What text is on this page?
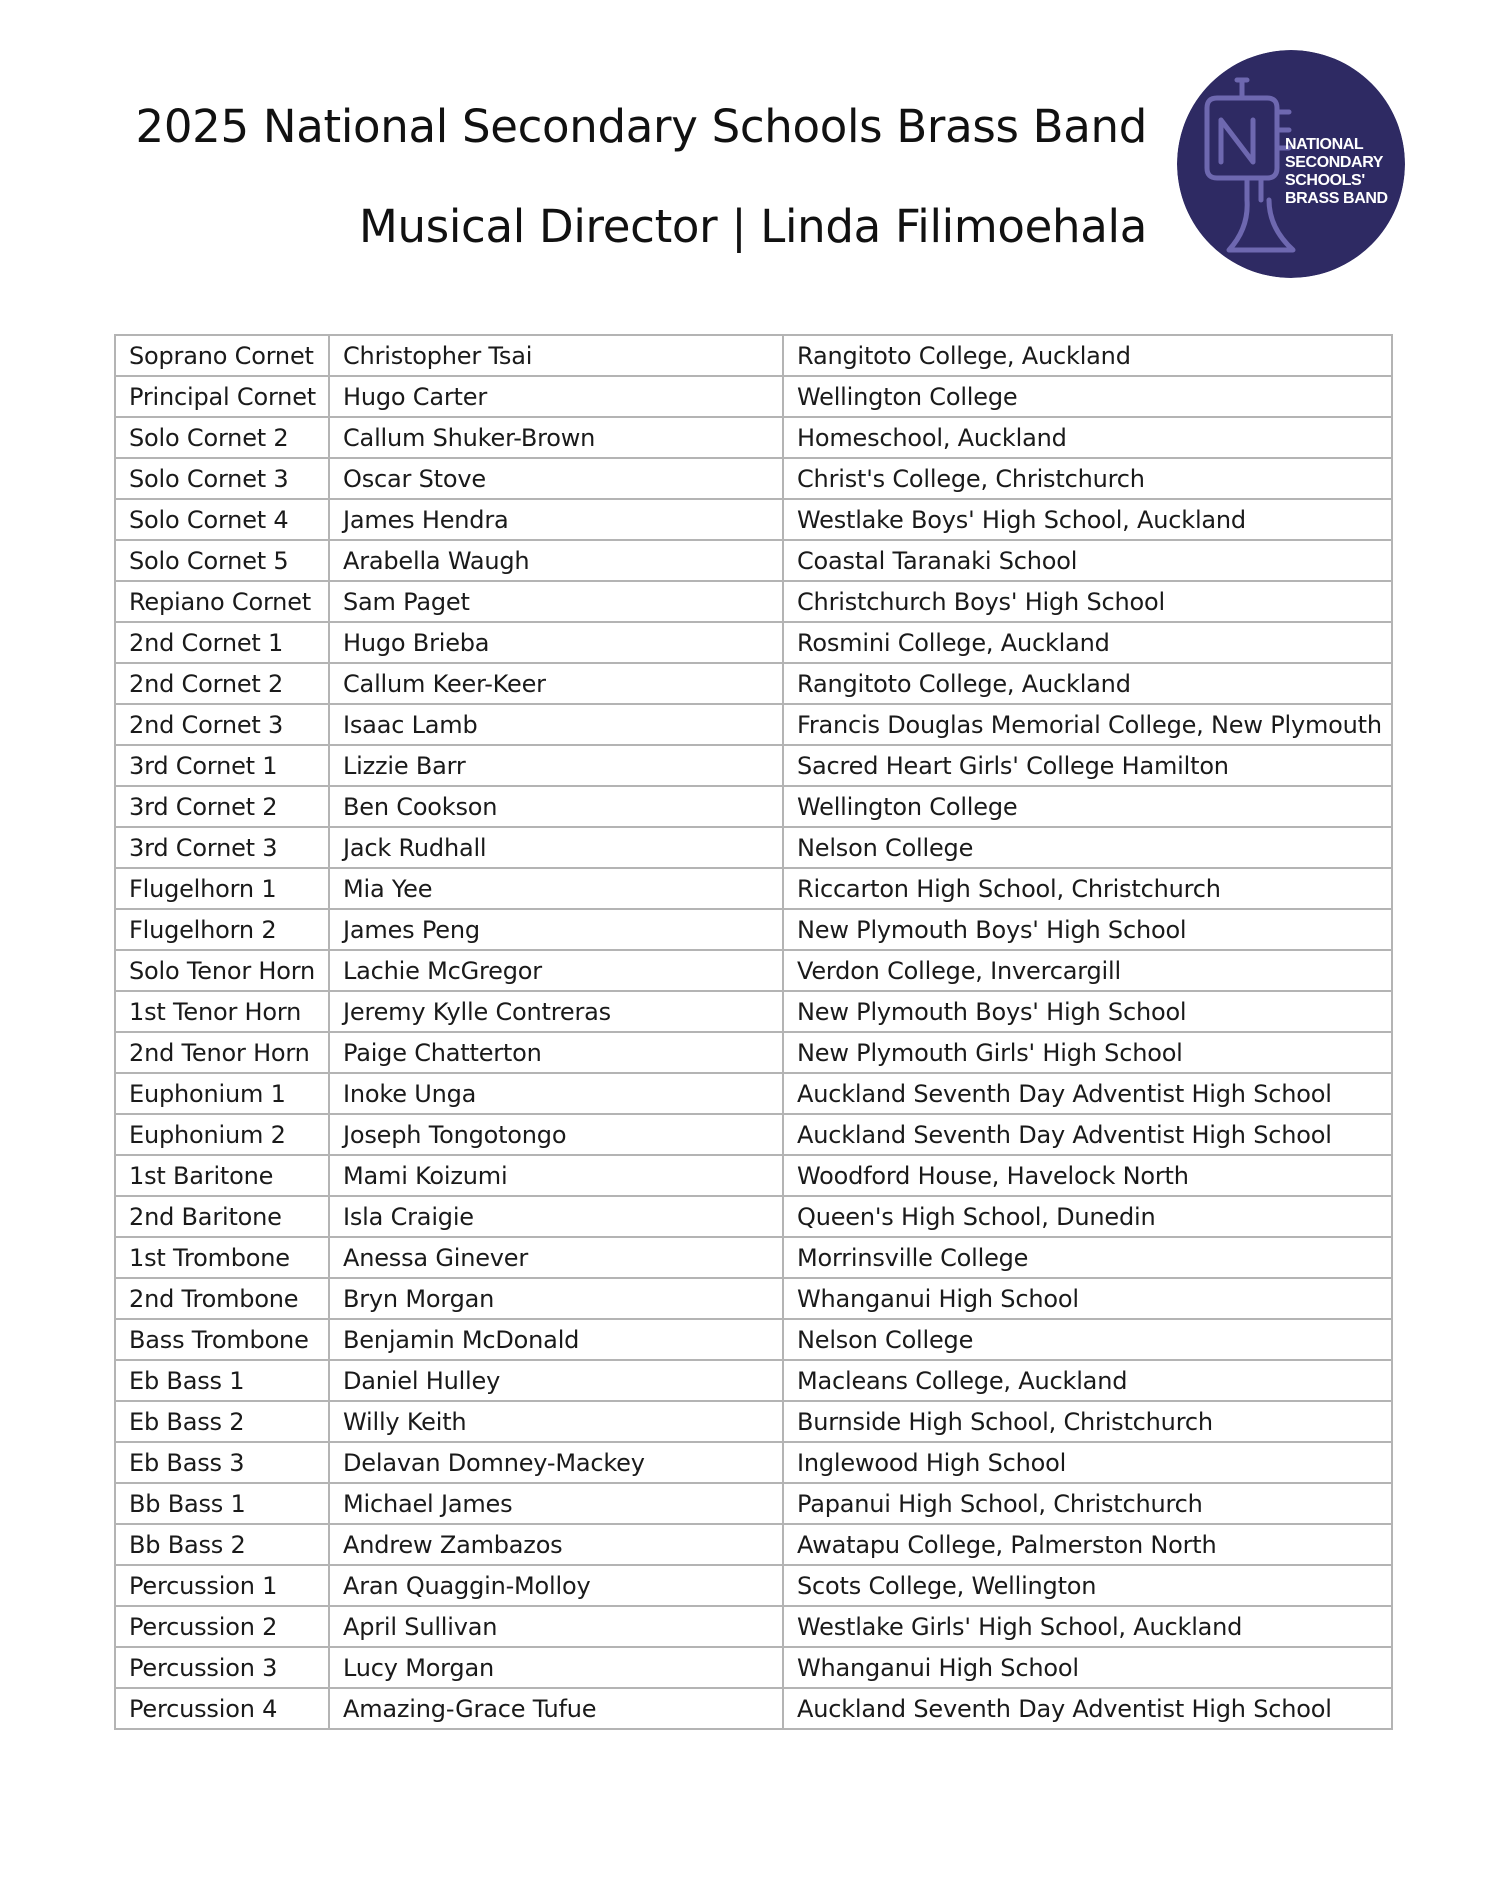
2025 National Secondary Schools Brass Band
Musical Director | Linda Filimoehala
NATIONAL
SECONDARY
SCHOOLS'
BRASS BAND
Soprano Cornet	Christopher Tsai	Rangitoto College, Auckland
Principal Cornet	Hugo Carter	Wellington College
Solo Cornet 2	Callum Shuker-Brown	Homeschool, Auckland
Solo Cornet 3	Oscar Stove	Christ's College, Christchurch
Solo Cornet 4	James Hendra	Westlake Boys' High School, Auckland
Solo Cornet 5	Arabella Waugh	Coastal Taranaki School
Repiano Cornet	Sam Paget	Christchurch Boys' High School
2nd Cornet 1	Hugo Brieba	Rosmini College, Auckland
2nd Cornet 2	Callum Keer-Keer	Rangitoto College, Auckland
2nd Cornet 3	Isaac Lamb	Francis Douglas Memorial College, New Plymouth
3rd Cornet 1	Lizzie Barr	Sacred Heart Girls' College Hamilton
3rd Cornet 2	Ben Cookson	Wellington College
3rd Cornet 3	Jack Rudhall	Nelson College
Flugelhorn 1	Mia Yee	Riccarton High School, Christchurch
Flugelhorn 2	James Peng	New Plymouth Boys' High School
Solo Tenor Horn	Lachie McGregor	Verdon College, Invercargill
1st Tenor Horn	Jeremy Kylle Contreras	New Plymouth Boys' High School
2nd Tenor Horn	Paige Chatterton	New Plymouth Girls' High School
Euphonium 1	Inoke Unga	Auckland Seventh Day Adventist High School
Euphonium 2	Joseph Tongotongo	Auckland Seventh Day Adventist High School
1st Baritone	Mami Koizumi	Woodford House, Havelock North
2nd Baritone	Isla Craigie	Queen's High School, Dunedin
1st Trombone	Anessa Ginever	Morrinsville College
2nd Trombone	Bryn Morgan	Whanganui High School
Bass Trombone	Benjamin McDonald	Nelson College
Eb Bass 1	Daniel Hulley	Macleans College, Auckland
Eb Bass 2	Willy Keith	Burnside High School, Christchurch
Eb Bass 3	Delavan Domney-Mackey	Inglewood High School
Bb Bass 1	Michael James	Papanui High School, Christchurch
Bb Bass 2	Andrew Zambazos	Awatapu College, Palmerston North
Percussion 1	Aran Quaggin-Molloy	Scots College, Wellington
Percussion 2	April Sullivan	Westlake Girls' High School, Auckland
Percussion 3	Lucy Morgan	Whanganui High School
Percussion 4	Amazing-Grace Tufue	Auckland Seventh Day Adventist High School
